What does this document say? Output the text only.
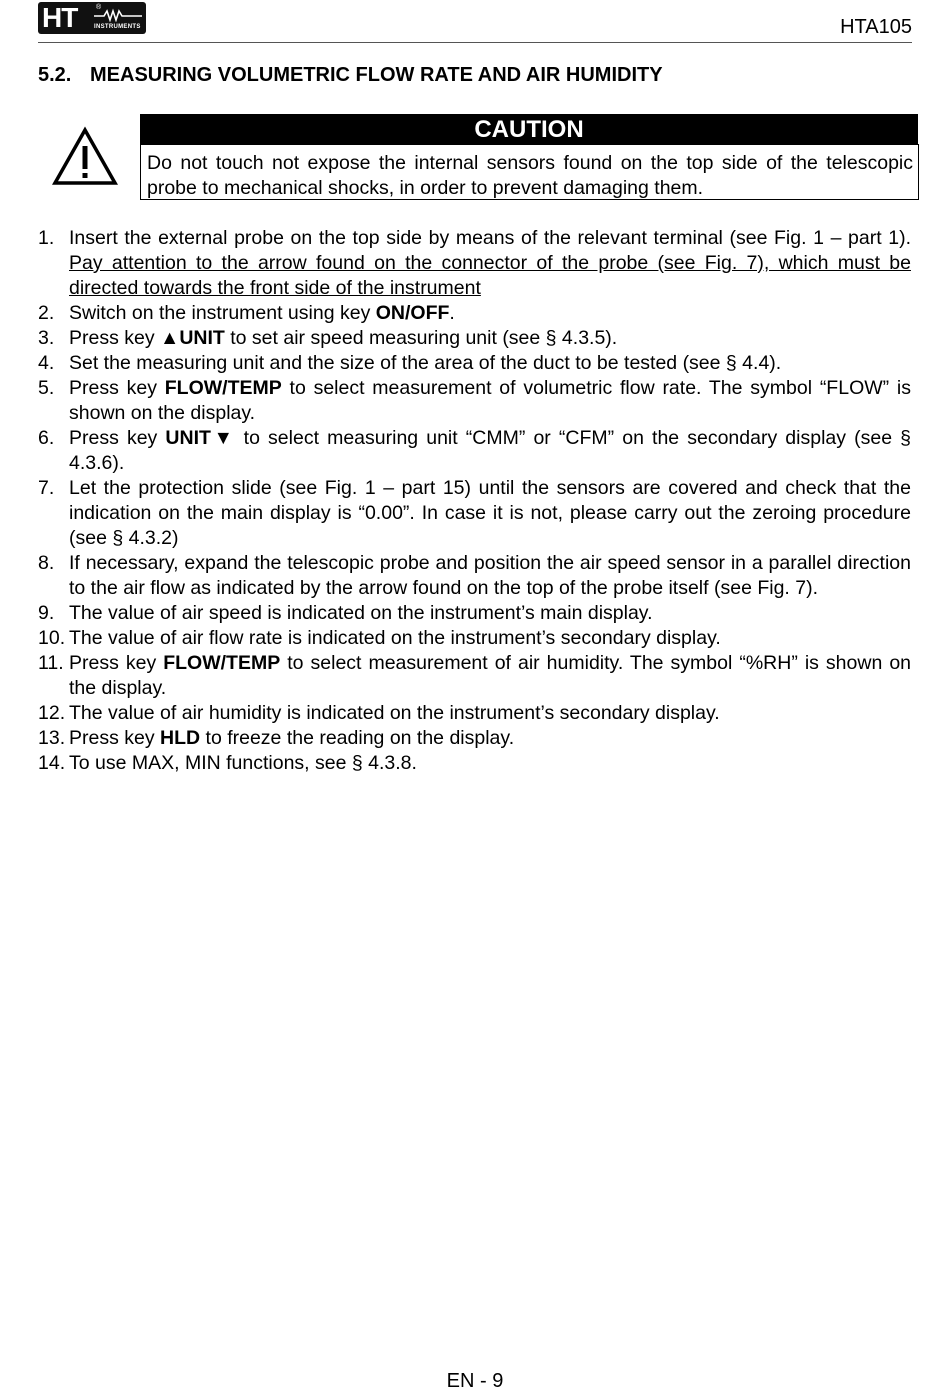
HT	®
INSTRUMENTS	HTA105
5.2. MEASURING VOLUMETRIC FLOW RATE AND AIR HUMIDITY
CAUTION
Do not touch not expose the internal sensors found on the top side of the telescopic probe to mechanical shocks, in order to prevent damaging them.
1. Insert the external probe on the top side by means of the relevant terminal (see Fig. 1 – part 1). Pay attention to the arrow found on the connector of the probe (see Fig. 7), which must be directed towards the front side of the instrument
2. Switch on the instrument using key ON/OFF.
3. Press key ▲UNIT to set air speed measuring unit (see § 4.3.5).
4. Set the measuring unit and the size of the area of the duct to be tested (see § 4.4).
5. Press key FLOW/TEMP to select measurement of volumetric flow rate. The symbol “FLOW” is shown on the display.
6. Press key UNIT▼ to select measuring unit “CMM” or “CFM” on the secondary display (see § 4.3.6).
7. Let the protection slide (see Fig. 1 – part 15) until the sensors are covered and check that the indication on the main display is “0.00”. In case it is not, please carry out the zeroing procedure (see § 4.3.2)
8. If necessary, expand the telescopic probe and position the air speed sensor in a parallel direction to the air flow as indicated by the arrow found on the top of the probe itself (see Fig. 7).
9. The value of air speed is indicated on the instrument’s main display.
10. The value of air flow rate is indicated on the instrument’s secondary display.
11. Press key FLOW/TEMP to select measurement of air humidity. The symbol “%RH” is shown on the display.
12. The value of air humidity is indicated on the instrument’s secondary display.
13. Press key HLD to freeze the reading on the display.
14. To use MAX, MIN functions, see § 4.3.8.
EN - 9
